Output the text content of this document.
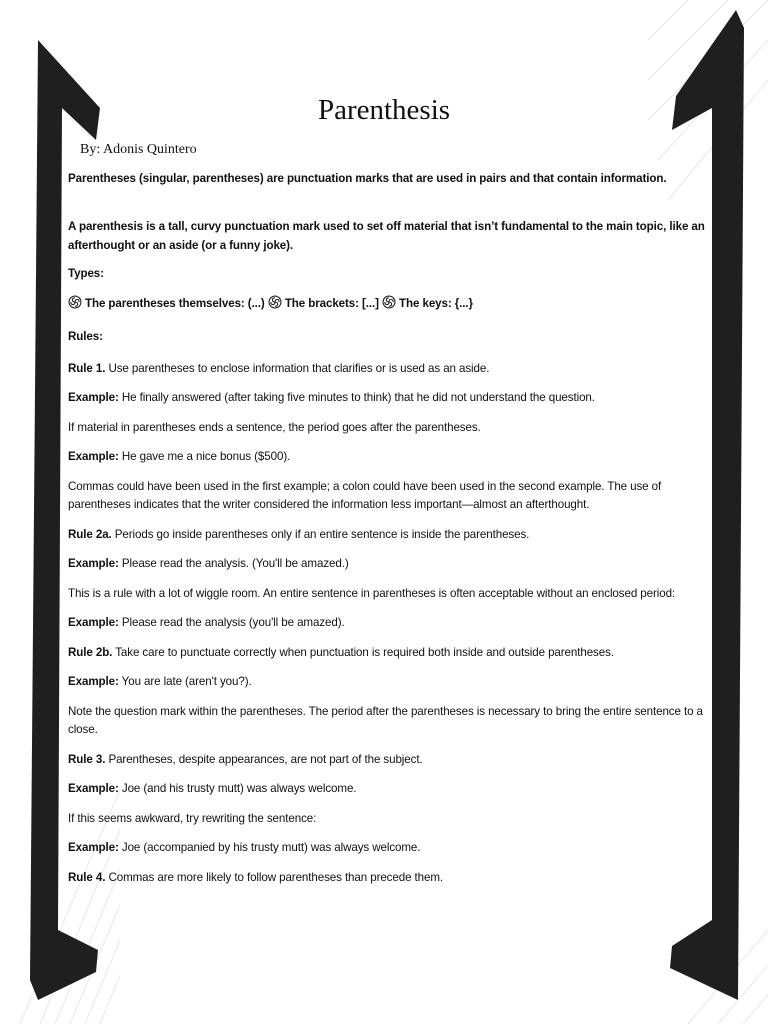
Parenthesis

By: Adonis Quintero

Parentheses (singular, parentheses) are punctuation marks that are used in pairs and that contain information.

A parenthesis is a tall, curvy punctuation mark used to set off material that isn’t fundamental to the main topic, like an afterthought or an aside (or a funny joke).

Types:

The parentheses themselves: (...) The brackets: [...] The keys: {...}

Rules:

Rule 1. Use parentheses to enclose information that clarifies or is used as an aside.

Example: He finally answered (after taking five minutes to think) that he did not understand the question.

If material in parentheses ends a sentence, the period goes after the parentheses.

Example: He gave me a nice bonus ($500).

Commas could have been used in the first example; a colon could have been used in the second example. The use of parentheses indicates that the writer considered the information less important—almost an afterthought.

Rule 2a. Periods go inside parentheses only if an entire sentence is inside the parentheses.

Example: Please read the analysis. (You'll be amazed.)

This is a rule with a lot of wiggle room. An entire sentence in parentheses is often acceptable without an enclosed period:

Example: Please read the analysis (you'll be amazed).

Rule 2b. Take care to punctuate correctly when punctuation is required both inside and outside parentheses.

Example: You are late (aren't you?).

Note the question mark within the parentheses. The period after the parentheses is necessary to bring the entire sentence to a close.

Rule 3. Parentheses, despite appearances, are not part of the subject.

Example: Joe (and his trusty mutt) was always welcome.

If this seems awkward, try rewriting the sentence:

Example: Joe (accompanied by his trusty mutt) was always welcome.

Rule 4. Commas are more likely to follow parentheses than precede them.
